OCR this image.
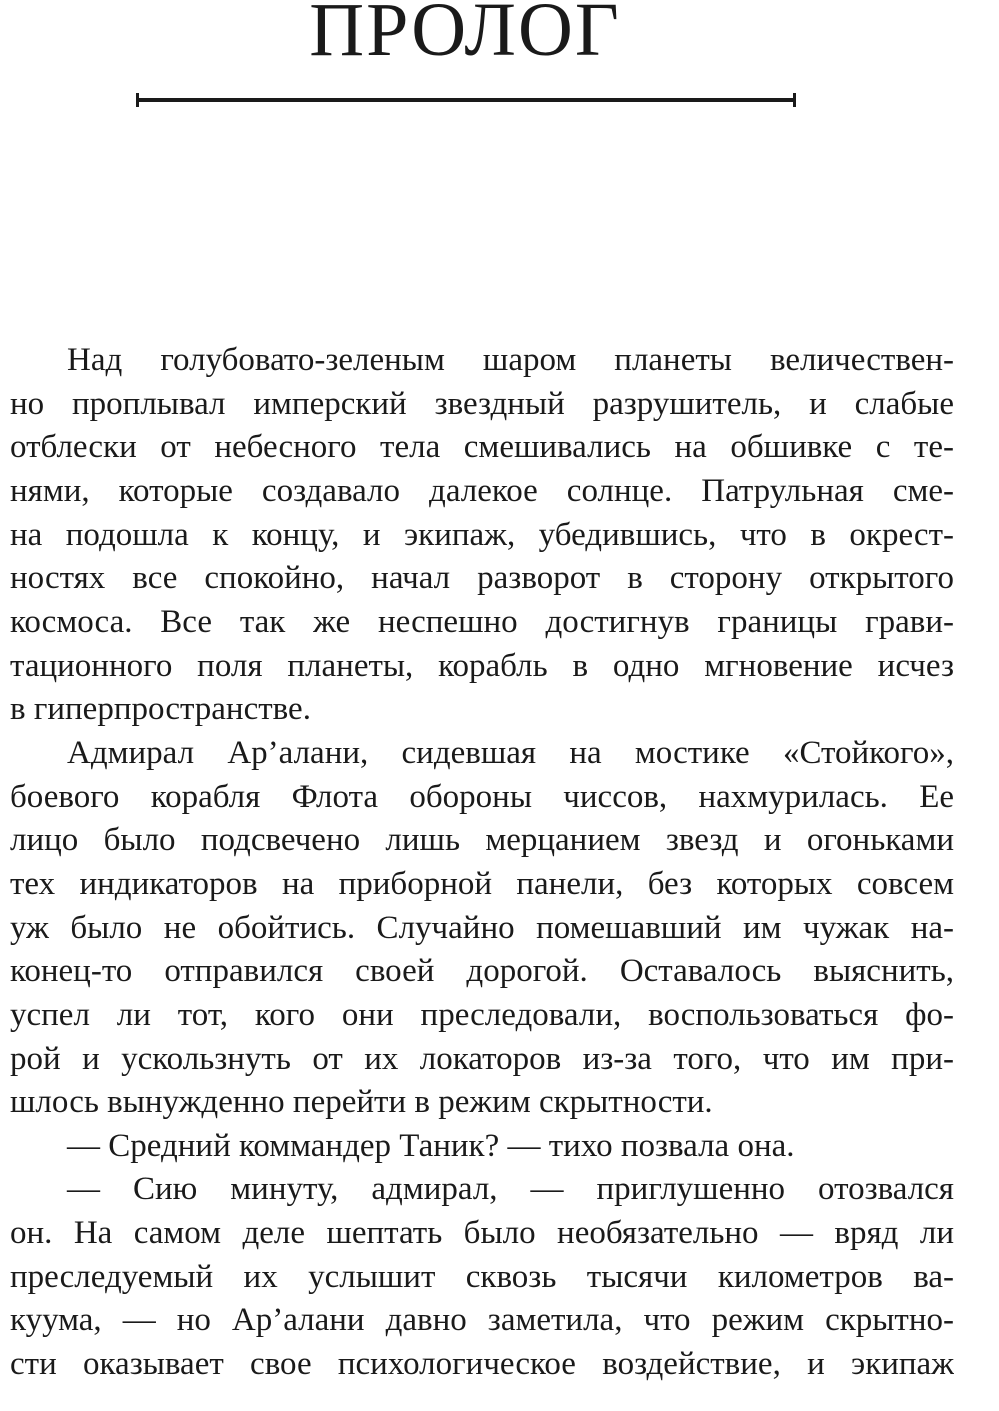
ПРОЛОГ
Над голубовато-зеленым шаром планеты величествен-
но проплывал имперский звездный разрушитель, и слабые
отблески от небесного тела смешивались на обшивке с те-
нями, которые создавало далекое солнце. Патрульная сме-
на подошла к концу, и экипаж, убедившись, что в окрест-
ностях все спокойно, начал разворот в сторону открытого
космоса. Все так же неспешно достигнув границы грави-
тационного поля планеты, корабль в одно мгновение исчез
в гиперпространстве.
Адмирал Ар’алани, сидевшая на мостике «Стойкого»,
боевого корабля Флота обороны чиссов, нахмурилась. Ее
лицо было подсвечено лишь мерцанием звезд и огоньками
тех индикаторов на приборной панели, без которых совсем
уж было не обойтись. Случайно помешавший им чужак на-
конец-то отправился своей дорогой. Оставалось выяснить,
успел ли тот, кого они преследовали, воспользоваться фо-
рой и ускользнуть от их локаторов из-за того, что им при-
шлось вынужденно перейти в режим скрытности.
— Средний коммандер Таник? — тихо позвала она.
— Сию минуту, адмирал, — приглушенно отозвался
он. На самом деле шептать было необязательно — вряд ли
преследуемый их услышит сквозь тысячи километров ва-
куума, — но Ар’алани давно заметила, что режим скрытно-
сти оказывает свое психологическое воздействие, и экипаж
